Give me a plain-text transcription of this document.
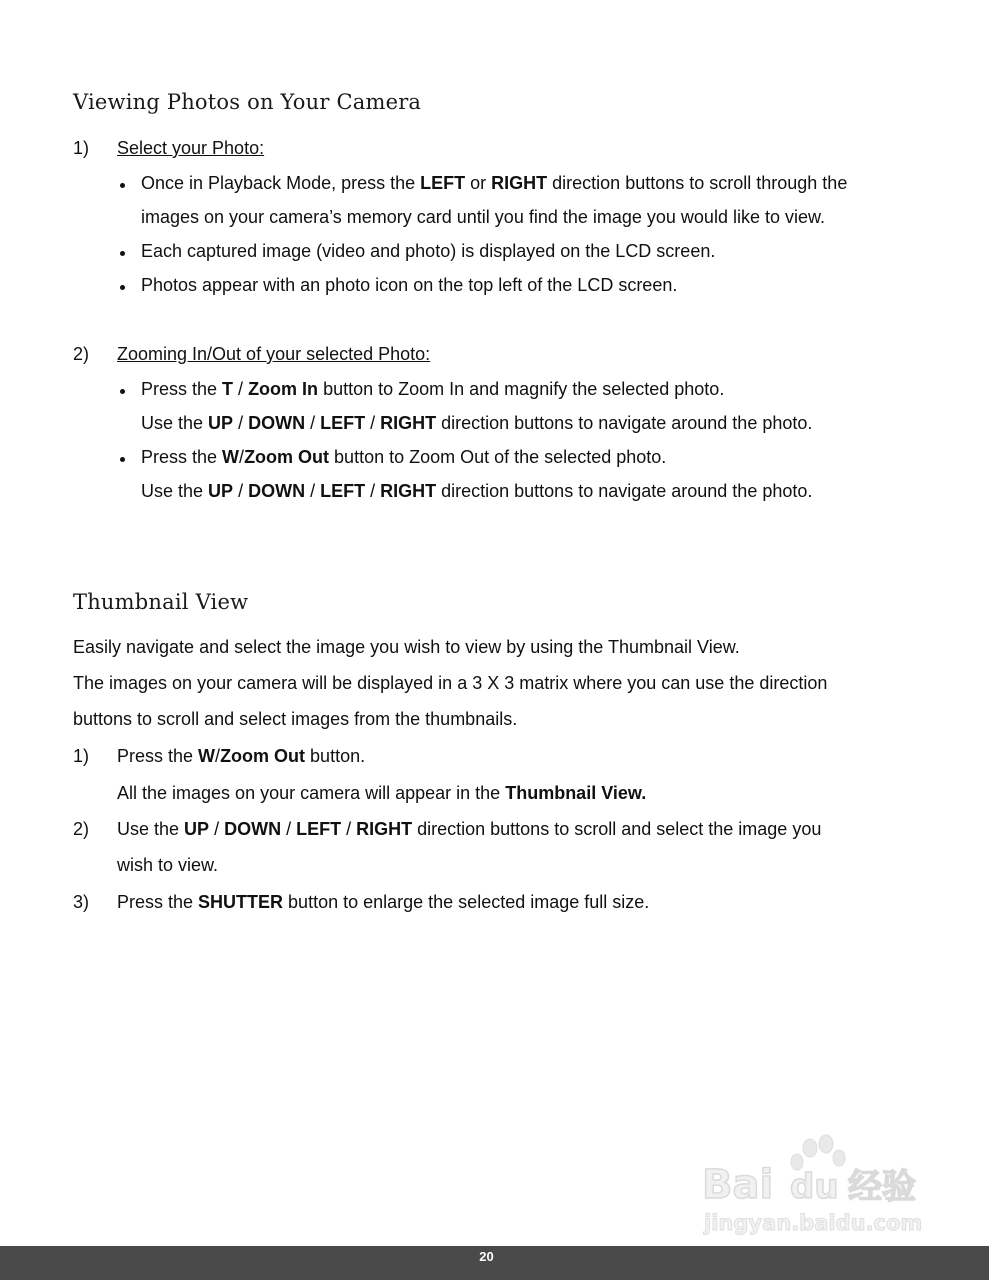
Viewing Photos on Your Camera
1) Select your Photo:
Once in Playback Mode, press the LEFT or RIGHT direction buttons to scroll through the
images on your camera’s memory card until you find the image you would like to view.
Each captured image (video and photo) is displayed on the LCD screen.
Photos appear with an photo icon on the top left of the LCD screen.
2) Zooming In/Out of your selected Photo:
Press the T / Zoom In button to Zoom In and magnify the selected photo.
Use the UP / DOWN / LEFT / RIGHT direction buttons to navigate around the photo.
Press the W/Zoom Out button to Zoom Out of the selected photo.
Use the UP / DOWN / LEFT / RIGHT direction buttons to navigate around the photo.
Thumbnail View
Easily navigate and select the image you wish to view by using the Thumbnail View.
The images on your camera will be displayed in a 3 X 3 matrix where you can use the direction
buttons to scroll and select images from the thumbnails.
1) Press the W/Zoom Out button.
All the images on your camera will appear in the Thumbnail View.
2) Use the UP / DOWN / LEFT / RIGHT direction buttons to scroll and select the image you
wish to view.
3) Press the SHUTTER button to enlarge the selected image full size.
Bai du 经验
jingyan.baidu.com
20
